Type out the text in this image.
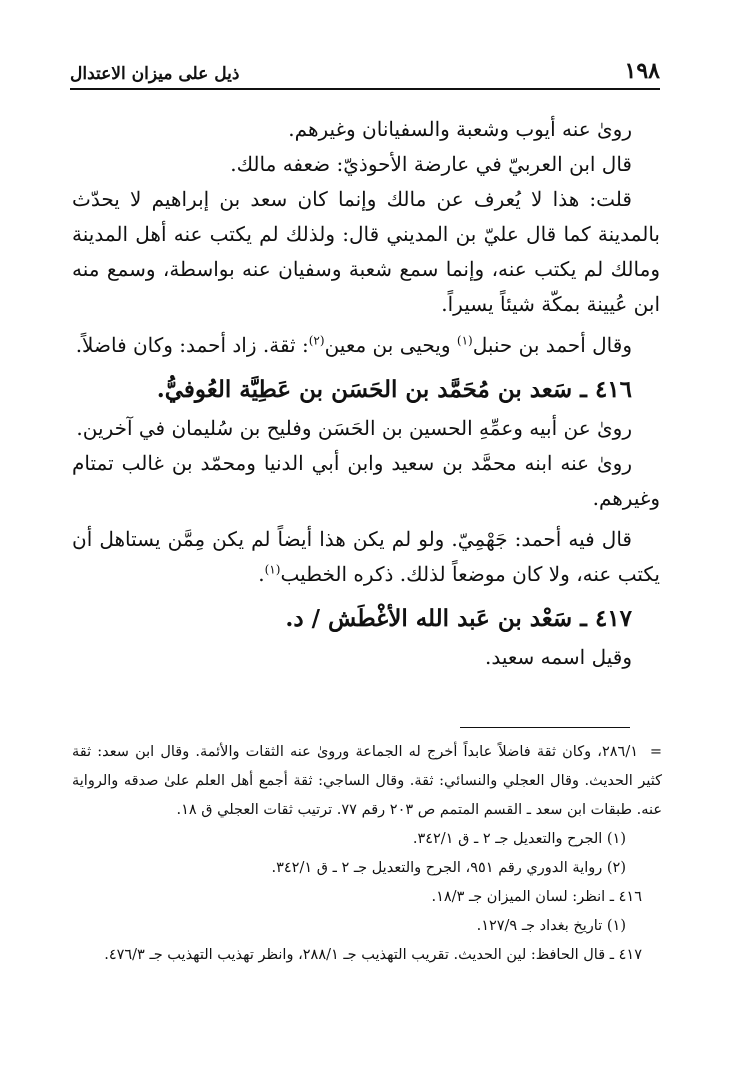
ذيل على ميزان الاعتدال	١٩٨

روىٰ عنه أيوب وشعبة والسفيانان وغيرهم.

قال ابن العربيّ في عارضة الأحوذيّ: ضعفه مالك.

قلت: هذا لا يُعرف عن مالك وإنما كان سعد بن إبراهيم لا يحدّث بالمدينة كما قال عليّ بن المديني قال: ولذلك لم يكتب عنه أهل المدينة ومالك لم يكتب عنه، وإنما سمع شعبة وسفيان عنه بواسطة، وسمع منه ابن عُيينة بمكّة شيئاً يسيراً.

وقال أحمد بن حنبل$^{(١)}$ ويحيى بن معين$^{(٢)}$: ثقة. زاد أحمد: وكان فاضلاً.

٤١٦ ـ سَعد بن مُحَمَّد بن الحَسَن بن عَطِيَّة العُوفيُّ.

روىٰ عن أبيه وعمِّهِ الحسين بن الحَسَن وفليح بن سُليمان في آخرين.

روىٰ عنه ابنه محمَّد بن سعيد وابن أبي الدنيا ومحمّد بن غالب تمتام وغيرهم.

قال فيه أحمد: جَهْمِيّ. ولو لم يكن هذا أيضاً لم يكن مِمَّن يستاهل أن يكتب عنه، ولا كان موضعاً لذلك. ذكره الخطيب$^{(١)}$.

٤١٧ ـ سَعْد بن عَبد الله الأغْطَش / د.

وقيل اسمه سعيد.

=٢٨٦/١، وكان ثقة فاضلاً عابداً أخرج له الجماعة وروىٰ عنه الثقات والأئمة. وقال ابن سعد: ثقة كثير الحديث. وقال العجلي والنسائي: ثقة. وقال الساجي: ثقة أجمع أهل العلم علىٰ صدقه والرواية عنه. طبقات ابن سعد ـ القسم المتمم ص ٢٠٣ رقم ٧٧. ترتيب ثقات العجلي ق ١٨.

(١) الجرح والتعديل جـ ٢ ـ ق ٣٤٢/١.

(٢) رواية الدوري رقم ٩٥١، الجرح والتعديل جـ ٢ ـ ق ٣٤٢/١.

٤١٦ ـ انظر: لسان الميزان جـ ١٨/٣.

(١) تاريخ بغداد جـ ١٢٧/٩.

٤١٧ ـ قال الحافظ: لين الحديث. تقريب التهذيب جـ ٢٨٨/١، وانظر تهذيب التهذيب جـ ٤٧٦/٣.
